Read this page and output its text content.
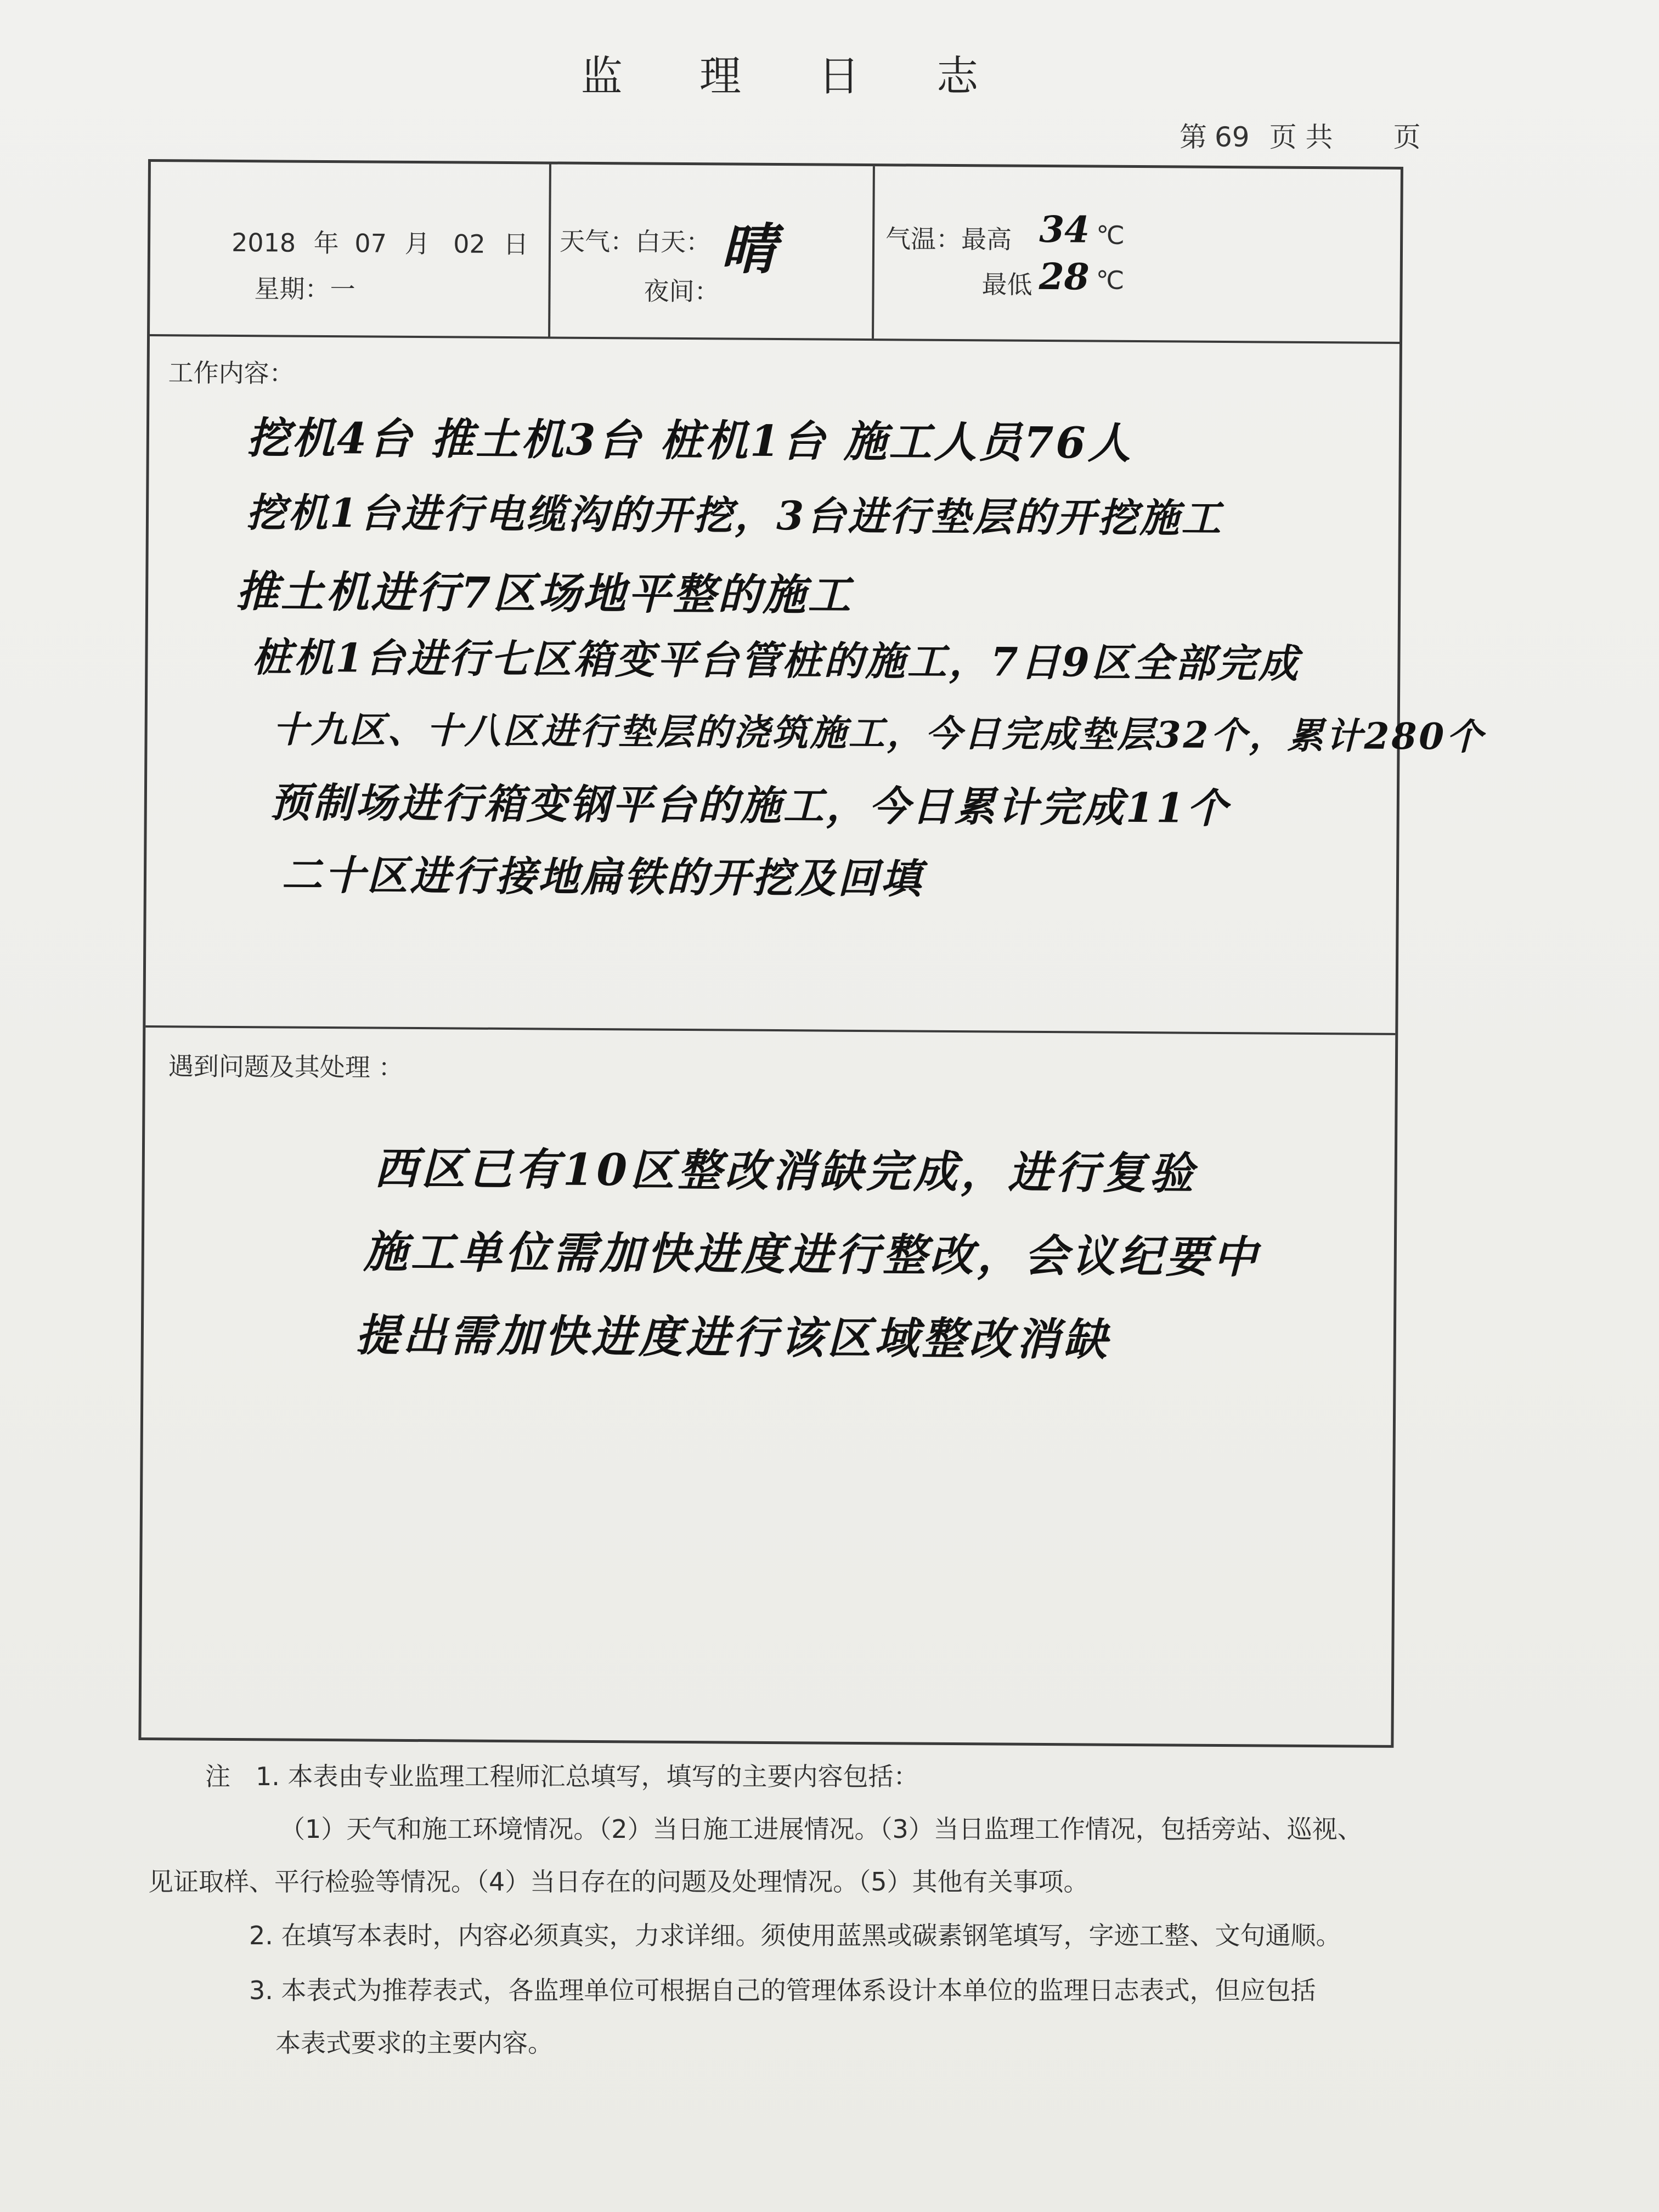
监 理 日 志
第 69 页 共 页
2018 年 07 月 02 日
星期：一
天气：白天： 晴
夜间：
气温：最高 34 ℃
最低 28 ℃
工作内容：
挖机4台 推土机3台 桩机1台 施工人员76人
挖机1台进行电缆沟的开挖，3台进行垫层的开挖施工
推土机进行7区场地平整的施工
桩机1台进行七区箱变平台管桩的施工，7日9区全部完成
十九区、十八区进行垫层的浇筑施工，今日完成垫层32个，累计280个
预制场进行箱变钢平台的施工，今日累计完成11个
二十区进行接地扁铁的开挖及回填
遇到问题及其处理 ：
西区已有10区整改消缺完成，进行复验
施工单位需加快进度进行整改，会议纪要中
提出需加快进度进行该区域整改消缺
注 1. 本表由专业监理工程师汇总填写，填写的主要内容包括：
（1）天气和施工环境情况。（2）当日施工进展情况。（3）当日监理工作情况，包括旁站、巡视、
见证取样、平行检验等情况。（4）当日存在的问题及处理情况。（5）其他有关事项。
2. 在填写本表时，内容必须真实，力求详细。须使用蓝黑或碳素钢笔填写，字迹工整、文句通顺。
3. 本表式为推荐表式，各监理单位可根据自己的管理体系设计本单位的监理日志表式，但应包括
本表式要求的主要内容。
